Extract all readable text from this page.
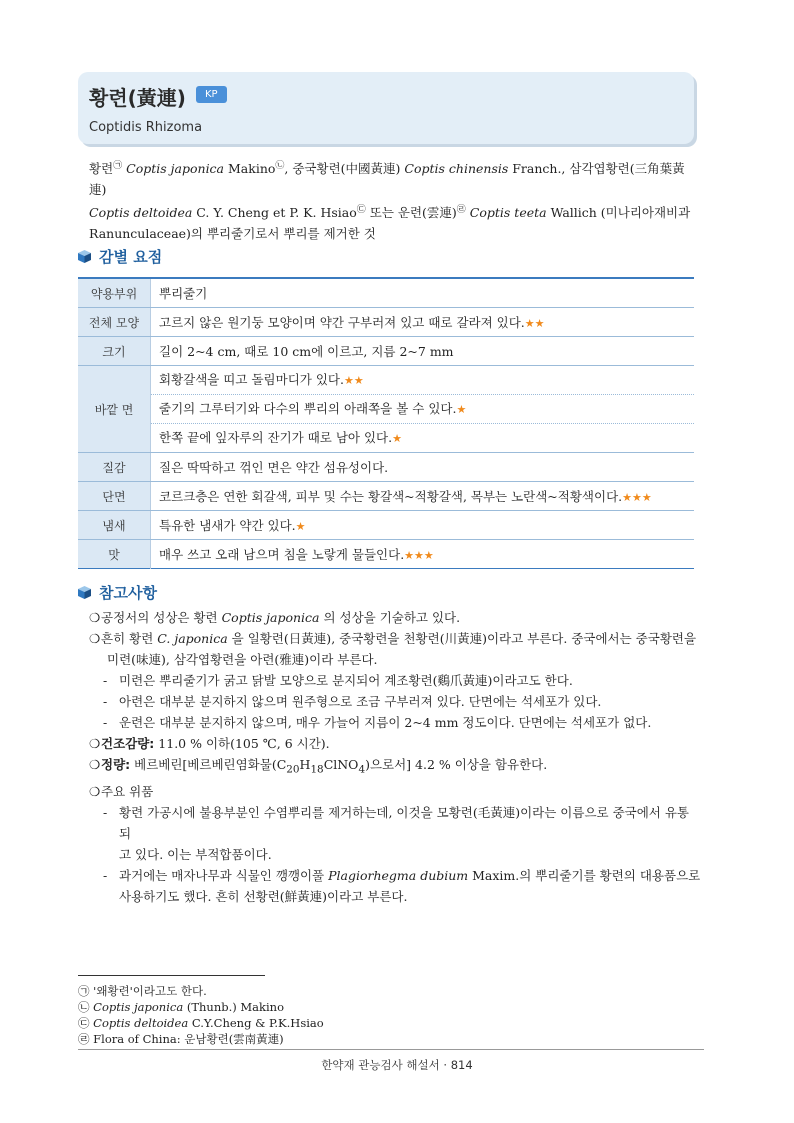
황련(黃連)	KP
Coptidis Rhizoma
황련㉠ Coptis japonica Makino㉡, 중국황련(中國黃連) Coptis chinensis Franch., 삼각엽황련(三角葉黃連)
Coptis deltoidea C. Y. Cheng et P. K. Hsiao㉢ 또는 운련(雲連)㉣ Coptis teeta Wallich (미나리아재비과
Ranunculaceae)의 뿌리줄기로서 뿌리를 제거한 것
감별 요점
약용부위	뿌리줄기
전체 모양	고르지 않은 원기둥 모양이며 약간 구부러져 있고 때로 갈라져 있다.★★
크기	길이 2~4 cm, 때로 10 cm에 이르고, 지름 2~7 mm
바깥 면	회황갈색을 띠고 돌림마디가 있다.★★
줄기의 그루터기와 다수의 뿌리의 아래쪽을 볼 수 있다.★
한쪽 끝에 잎자루의 잔기가 때로 남아 있다.★

질감	질은 딱딱하고 꺾인 면은 약간 섬유성이다.
단면	코르크층은 연한 회갈색, 피부 및 수는 황갈색~적황갈색, 목부는 노란색~적황색이다.★★★
냄새	특유한 냄새가 약간 있다.★
맛	매우 쓰고 오래 남으며 침을 노랗게 물들인다.★★★
참고사항
❍ 공정서의 성상은 황련 Coptis japonica 의 성상을 기술하고 있다.
❍ 흔히 황련 C. japonica 을 일황련(日黃連), 중국황련을 천황련(川黃連)이라고 부른다. 중국에서는 중국황련을
미련(味連), 삼각엽황련을 아련(雅連)이라 부른다.
- 미련은 뿌리줄기가 굵고 닭발 모양으로 분지되어 계조황련(鷄爪黃連)이라고도 한다.
- 아련은 대부분 분지하지 않으며 원주형으로 조금 구부러져 있다. 단면에는 석세포가 있다.
- 운련은 대부분 분지하지 않으며, 매우 가늘어 지름이 2~4 mm 정도이다. 단면에는 석세포가 없다.
❍ 건조감량: 11.0 % 이하(105 ℃, 6 시간).
❍ 정량: 베르베린[베르베린염화물$(C_{20}H_{18}ClNO_4)$으로서] 4.2 % 이상을 함유한다.
❍ 주요 위품
- 황련 가공시에 불용부분인 수염뿌리를 제거하는데, 이것을 모황련(毛黃連)이라는 이름으로 중국에서 유통되
고 있다. 이는 부적합품이다.
- 과거에는 매자나무과 식물인 깽깽이풀 Plagiorhegma dubium Maxim.의 뿌리줄기를 황련의 대용품으로
사용하기도 했다. 흔히 선황련(鮮黃連)이라고 부른다.
㉠ '왜황련'이라고도 한다.
㉡ Coptis japonica (Thunb.) Makino
㉢ Coptis deltoidea C.Y.Cheng & P.K.Hsiao
㉣ Flora of China: 운남황련(雲南黃連)
한약재 관능검사 해설서 · 814
